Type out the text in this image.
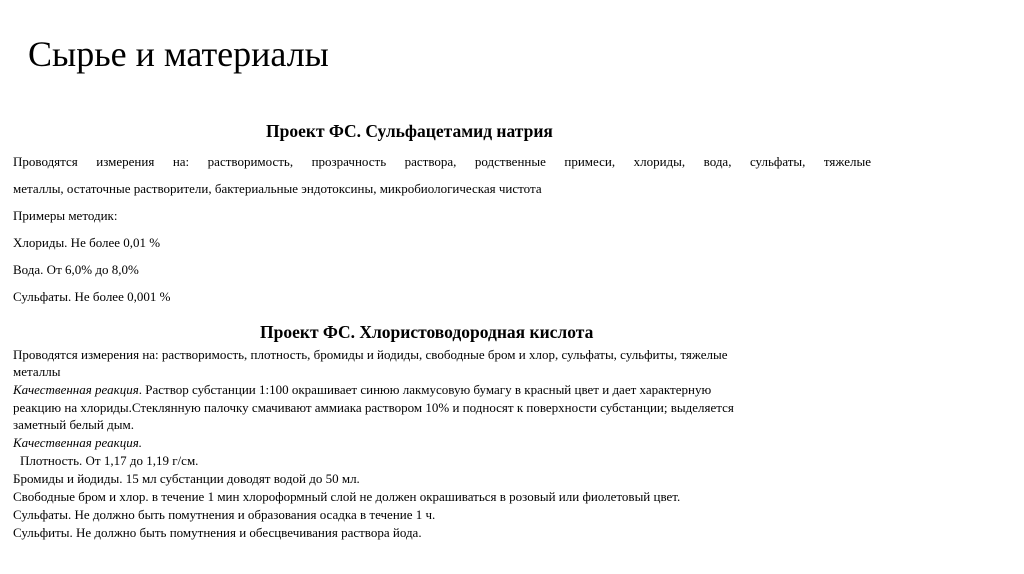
Сырье и материалы
Проект ФС. Сульфацетамид натрия
Проводятся измерения на: растворимость, прозрачность раствора, родственные примеси, хлориды, вода, сульфаты, тяжелые
металлы, остаточные растворители, бактериальные эндотоксины, микробиологическая чистота
Примеры методик:
Хлориды. Не более 0,01 %
Вода. От 6,0% до 8,0%
Сульфаты. Не более 0,001 %
Проект ФС. Хлористоводородная кислота
Проводятся измерения на: растворимость, плотность, бромиды и йодиды, свободные бром и хлор, сульфаты, сульфиты, тяжелые
металлы
Качественная реакция. Раствор субстанции 1:100 окрашивает синюю лакмусовую бумагу в красный цвет и дает характерную
реакцию на хлориды.Стеклянную палочку смачивают аммиака раствором 10% и подносят к поверхности субстанции; выделяется
заметный белый дым.
Качественная реакция.
Плотность. От 1,17 до 1,19 г/см.
Бромиды и йодиды. 15 мл субстанции доводят водой до 50 мл.
Свободные бром и хлор. в течение 1 мин хлороформный слой не должен окрашиваться в розовый или фиолетовый цвет.
Сульфаты. Не должно быть помутнения и образования осадка в течение 1 ч.
Сульфиты. Не должно быть помутнения и обесцвечивания раствора йода.
